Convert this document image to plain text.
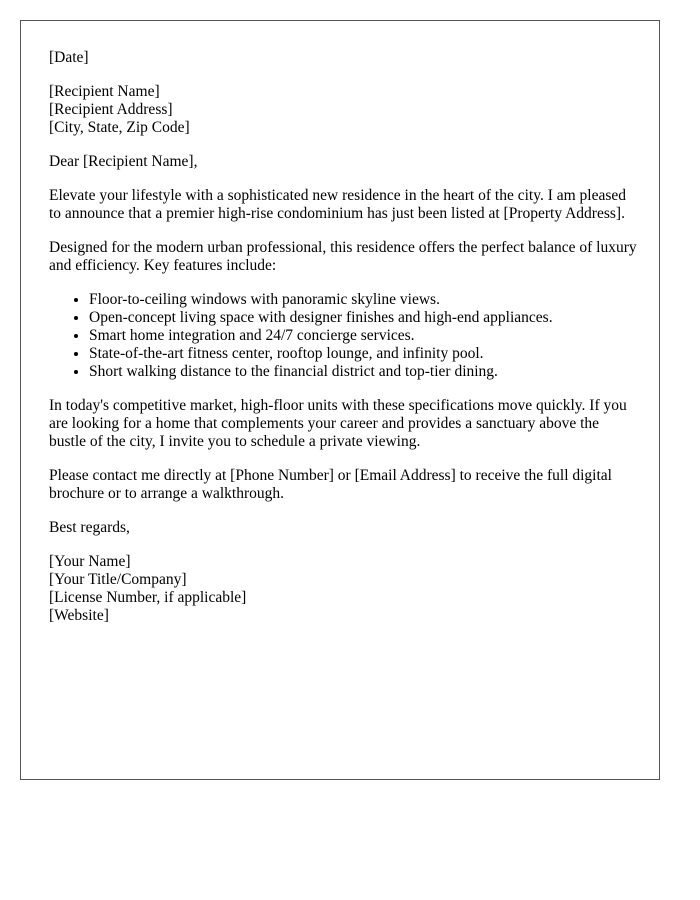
[Date]

[Recipient Name]
[Recipient Address]
[City, State, Zip Code]

Dear [Recipient Name],

Elevate your lifestyle with a sophisticated new residence in the heart of the city. I am pleased to announce that a premier high-rise condominium has just been listed at [Property Address].

Designed for the modern urban professional, this residence offers the perfect balance of luxury and efficiency. Key features include:

• Floor-to-ceiling windows with panoramic skyline views.
• Open-concept living space with designer finishes and high-end appliances.
• Smart home integration and 24/7 concierge services.
• State-of-the-art fitness center, rooftop lounge, and infinity pool.
• Short walking distance to the financial district and top-tier dining.

In today's competitive market, high-floor units with these specifications move quickly. If you are looking for a home that complements your career and provides a sanctuary above the bustle of the city, I invite you to schedule a private viewing.

Please contact me directly at [Phone Number] or [Email Address] to receive the full digital brochure or to arrange a walkthrough.

Best regards,

[Your Name]
[Your Title/Company]
[License Number, if applicable]
[Website]
